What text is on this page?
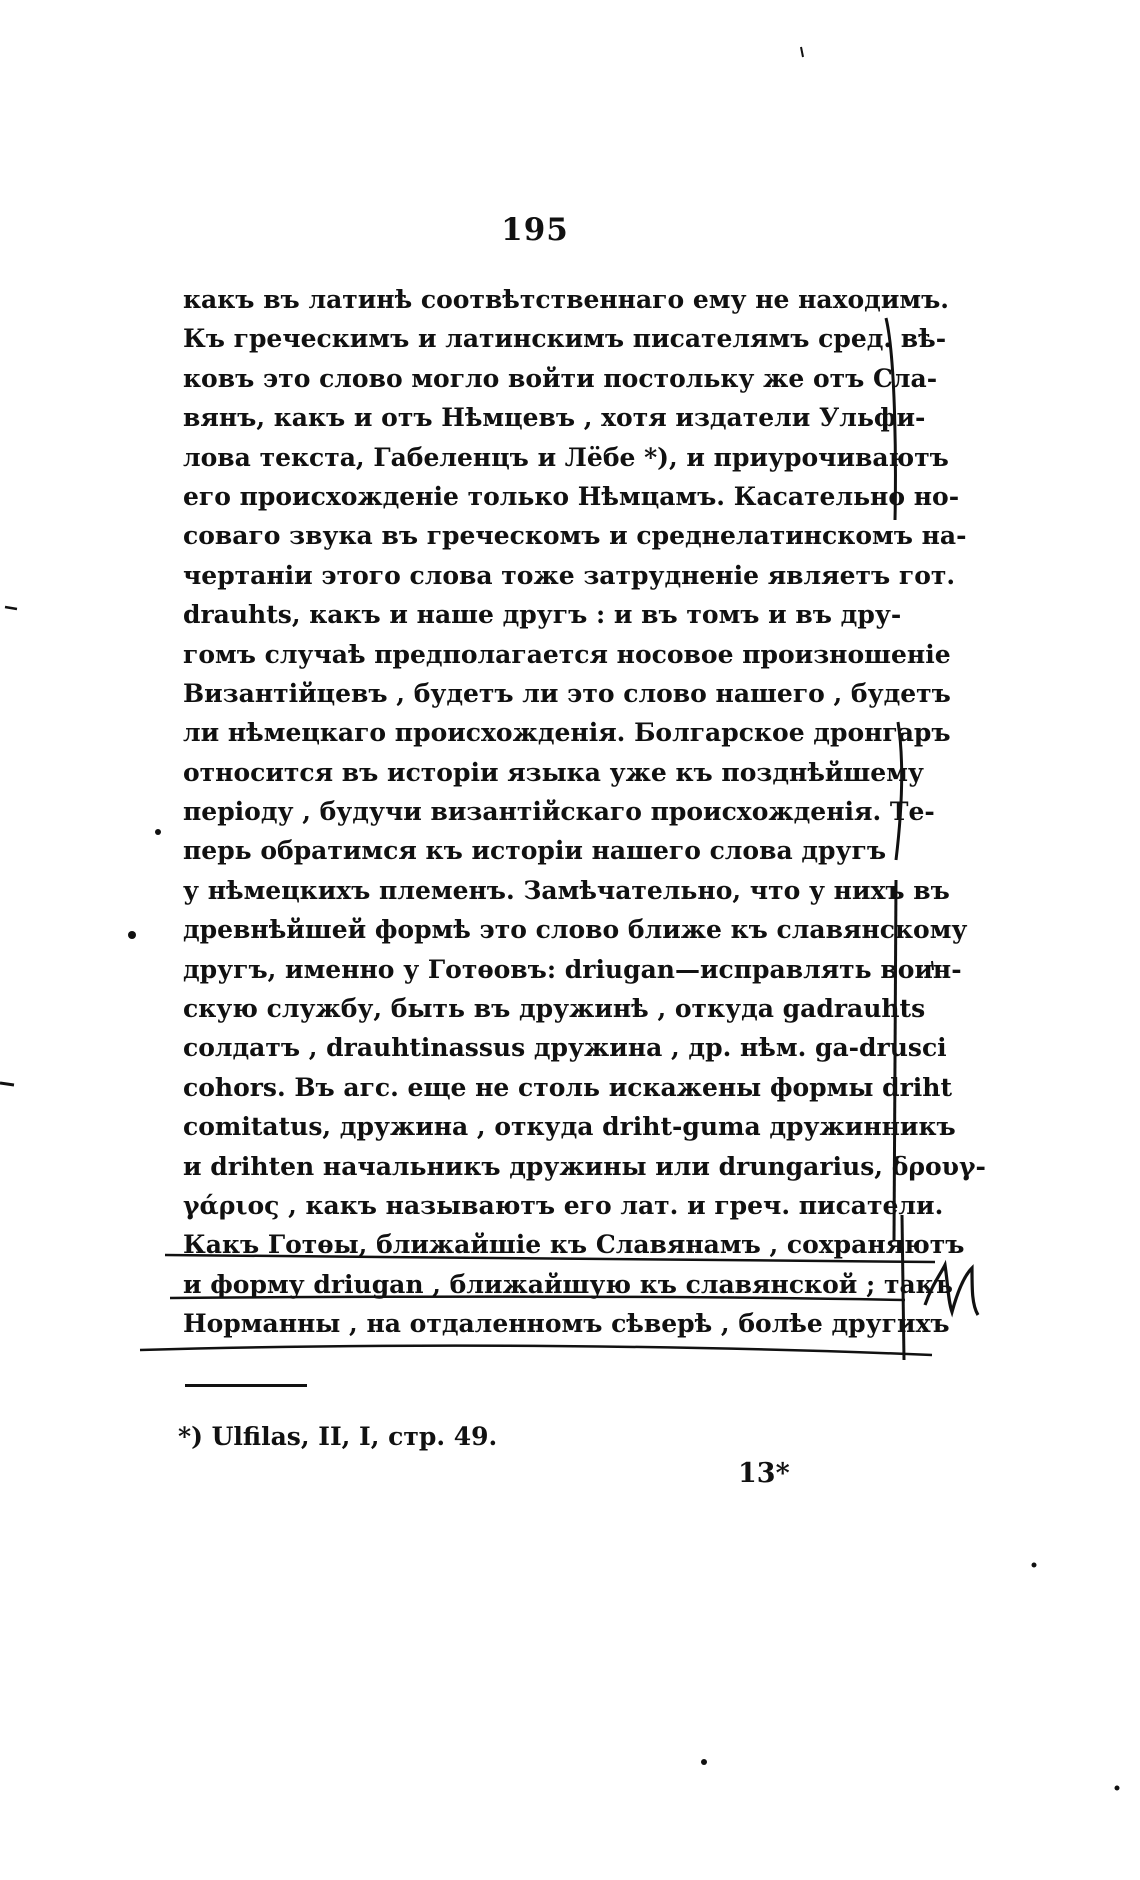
195
какъ въ латинѣ соотвѣтственнаго ему не находимъ.
Къ греческимъ и латинскимъ писателямъ сред. вѣ-
ковъ это слово могло войти постольку же отъ Сла-
вянъ, какъ и отъ Нѣмцевъ , хотя издатели Ульфи-
лова текста, Габеленцъ и Лёбе *), и приурочиваютъ
его происхожденіе только Нѣмцамъ. Касательно но-
соваго звука въ греческомъ и среднелатинскомъ на-
чертаніи этого слова тоже затрудненіе являетъ гот.
drauhts, какъ и наше другъ : и въ томъ и въ дру-
гомъ случаѣ предполагается носовое произношеніе
Византійцевъ , будетъ ли это слово нашего , будетъ
ли нѣмецкаго происхожденія. Болгарское дронгаръ
относится въ исторіи языка уже къ позднѣйшему
періоду , будучи византійскаго происхожденія. Те-
перь обратимся къ исторіи нашего слова другъ
у нѣмецкихъ племенъ. Замѣчательно, что у нихъ въ
древнѣйшей формѣ это слово ближе къ славянскому
другъ, именно у Готѳовъ: driugan—исправлять воин-
скую службу, быть въ дружинѣ , откуда gadrauhts
солдатъ , drauhtinassus дружина , др. нѣм. ga-drusci
cohors. Въ агс. еще не столь искажены формы driht
comitatus, дружина , откуда driht-guma дружинникъ
и drihten начальникъ дружины или drungarius, δρουγ-
γάριος , какъ называютъ его лат. и греч. писатели.
Какъ Готѳы, ближайшіе къ Славянамъ , сохраняютъ
и форму driugan , ближайшую къ славянской ; такъ
Норманны , на отдаленномъ сѣверѣ , болѣе другихъ
*) Ulfilas, II, I, стр. 49.
13*
